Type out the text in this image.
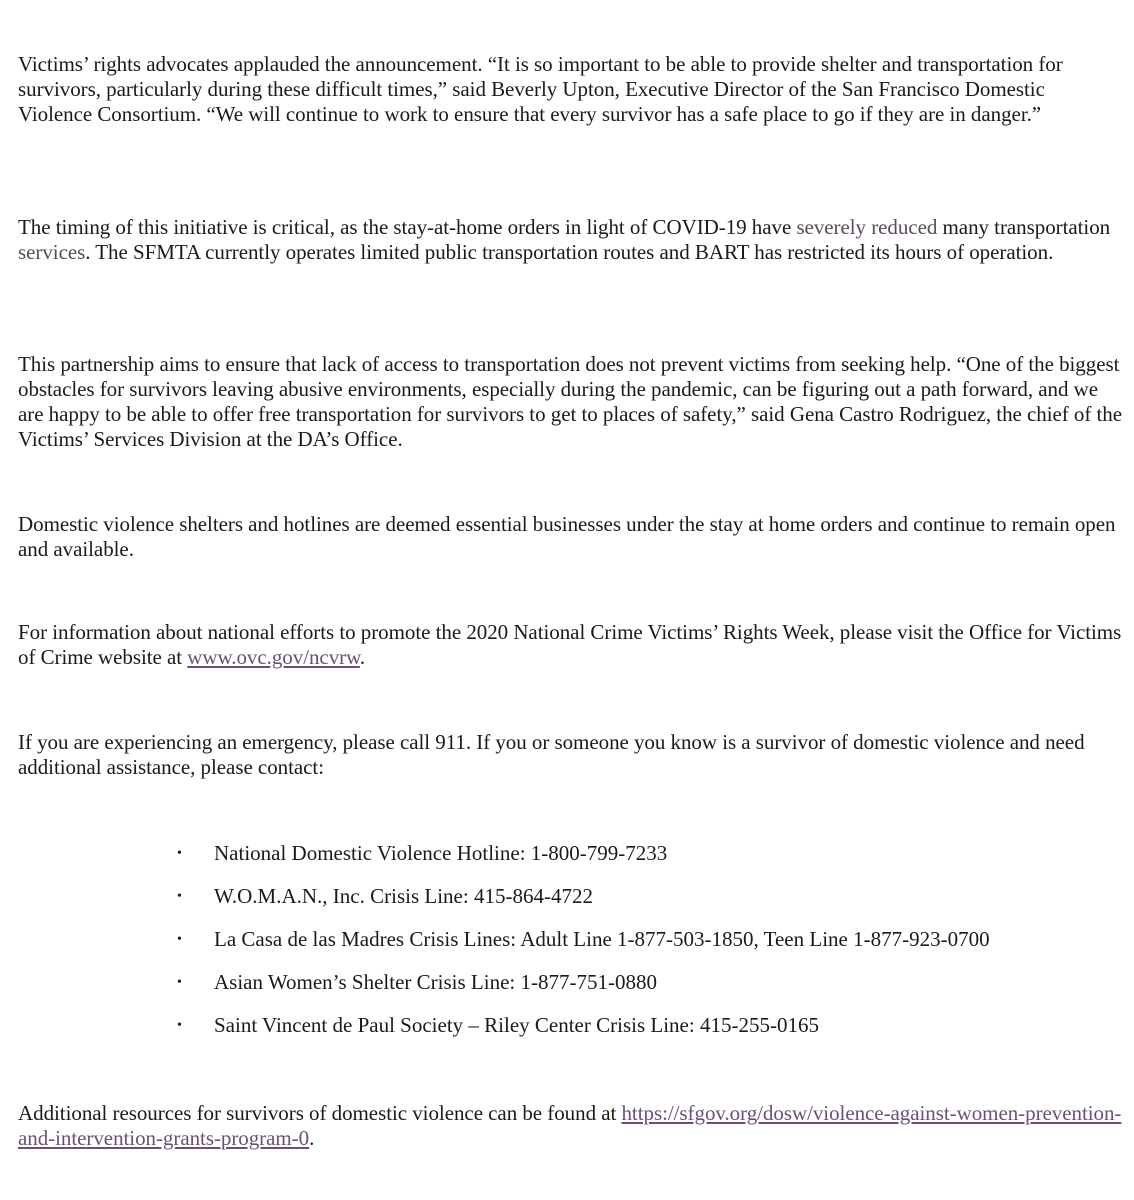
Victims’ rights advocates applauded the announcement. “It is so important to be able to provide shelter and transportation for survivors, particularly during these difficult times,” said Beverly Upton, Executive Director of the San Francisco Domestic Violence Consortium. “We will continue to work to ensure that every survivor has a safe place to go if they are in danger.”

The timing of this initiative is critical, as the stay-at-home orders in light of COVID-19 have severely reduced many transportation services. The SFMTA currently operates limited public transportation routes and BART has restricted its hours of operation.

This partnership aims to ensure that lack of access to transportation does not prevent victims from seeking help. “One of the biggest obstacles for survivors leaving abusive environments, especially during the pandemic, can be figuring out a path forward, and we are happy to be able to offer free transportation for survivors to get to places of safety,” said Gena Castro Rodriguez, the chief of the Victims’ Services Division at the DA’s Office.

Domestic violence shelters and hotlines are deemed essential businesses under the stay at home orders and continue to remain open and available.

For information about national efforts to promote the 2020 National Crime Victims’ Rights Week, please visit the Office for Victims of Crime website at www.ovc.gov/ncvrw.

If you are experiencing an emergency, please call 911. If you or someone you know is a survivor of domestic violence and need additional assistance, please contact:

• National Domestic Violence Hotline: 1-800-799-7233
• W.O.M.A.N., Inc. Crisis Line: 415-864-4722
• La Casa de las Madres Crisis Lines: Adult Line 1-877-503-1850, Teen Line 1-877-923-0700
• Asian Women’s Shelter Crisis Line: 1-877-751-0880
• Saint Vincent de Paul Society – Riley Center Crisis Line: 415-255-0165

Additional resources for survivors of domestic violence can be found at https://sfgov.org/dosw/violence-against-women-prevention-and-intervention-grants-program-0.
